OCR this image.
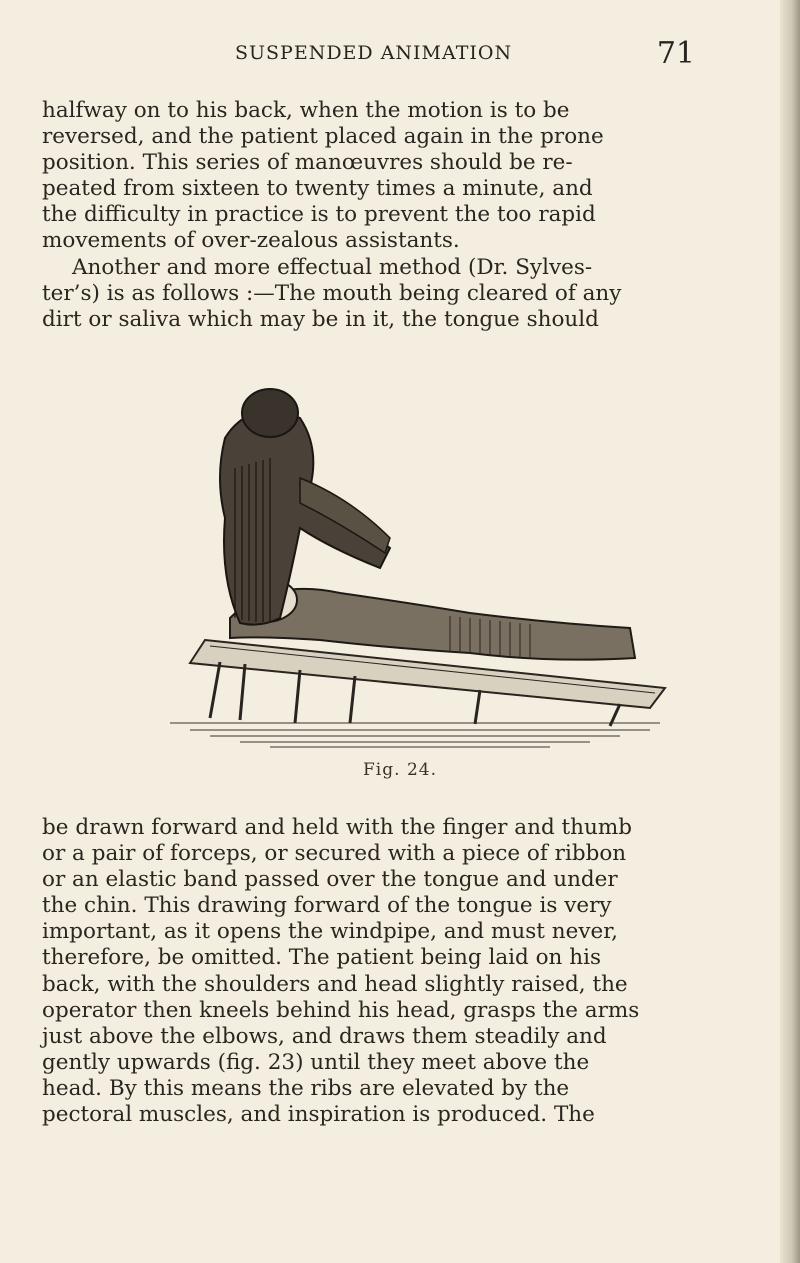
SUSPENDED ANIMATION	71
halfway on to his back, when the motion is to be
reversed, and the patient placed again in the prone
position. This series of manœuvres should be re-
peated from sixteen to twenty times a minute, and
the difficulty in practice is to prevent the too rapid
movements of over-zealous assistants.
Another and more effectual method (Dr. Sylves-
ter’s) is as follows :—The mouth being cleared of any
dirt or saliva which may be in it, the tongue should
Fig. 24.
be drawn forward and held with the finger and thumb
or a pair of forceps, or secured with a piece of ribbon
or an elastic band passed over the tongue and under
the chin. This drawing forward of the tongue is very
important, as it opens the windpipe, and must never,
therefore, be omitted. The patient being laid on his
back, with the shoulders and head slightly raised, the
operator then kneels behind his head, grasps the arms
just above the elbows, and draws them steadily and
gently upwards (fig. 23) until they meet above the
head. By this means the ribs are elevated by the
pectoral muscles, and inspiration is produced. The
